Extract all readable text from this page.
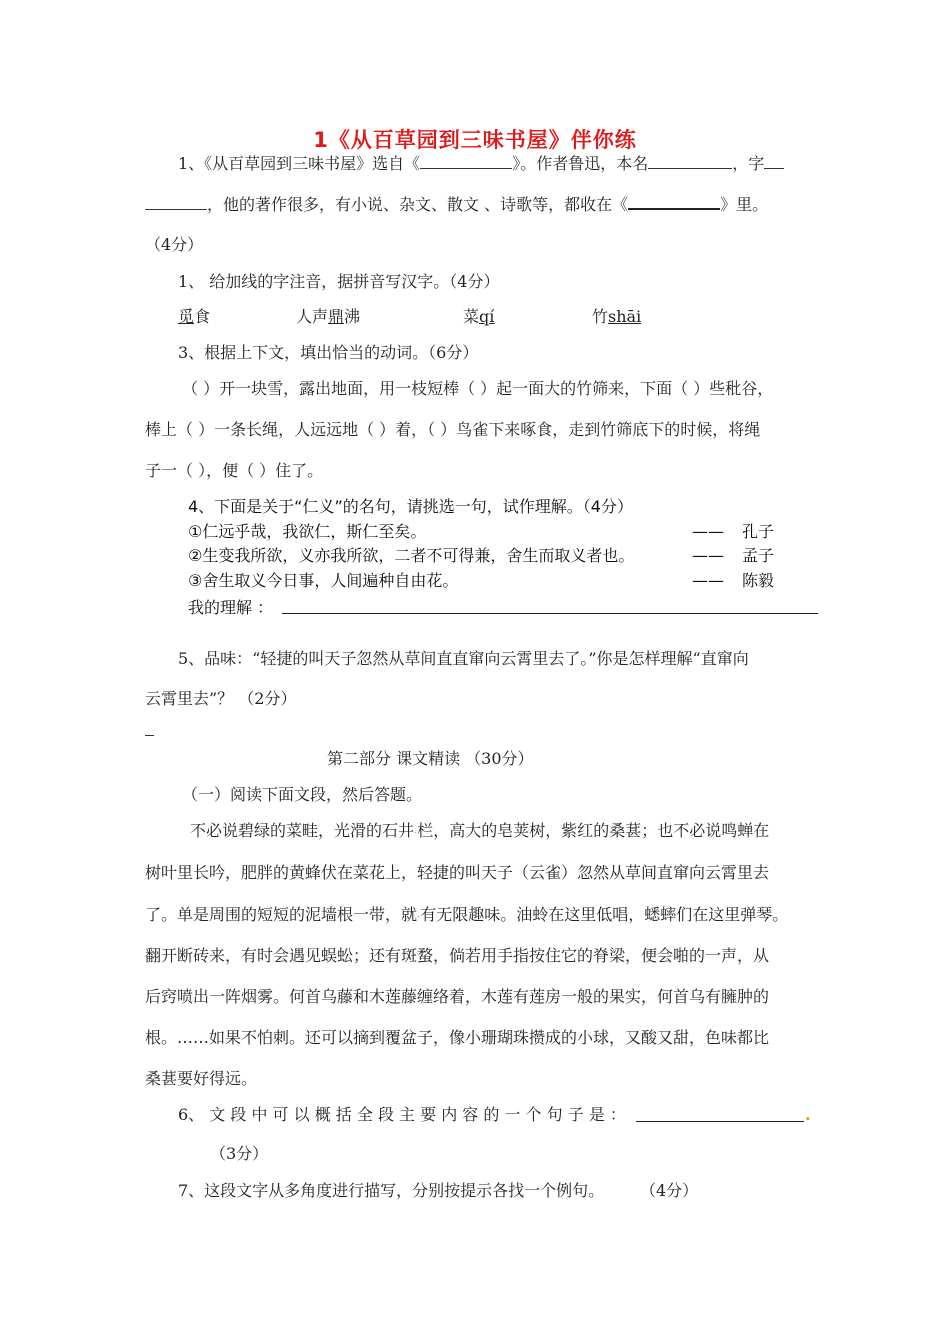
1《从百草园到三味书屋》伴你练
1、《从百草园到三味书屋》选自《	》。作者鲁迅，本名	，字
，他的著作很多，有小说、杂文、散文 、诗歌等，都收在《	》里。
（4分）
1、 给加线的字注音，据拼音写汉字。（4分）
觅食	人声鼎沸	菜qí	竹shāi
3、根据上下文，填出恰当的动词。（6分）
（ ）开一块雪，露出地面，用一枝短棒（ ）起一面大的竹筛来，下面（ ）些秕谷，
棒上（ ）一条长绳，人远远地（ ）着，（ ）鸟雀下来啄食，走到竹筛底下的时候，将绳
子一（ ），便（ ）住了。
4、下面是关于“仁义”的名句，请挑选一句，试作理解。（4分）
①仁远乎哉，我欲仁，斯仁至矣。	—— 孔子
②生变我所欲，义亦我所欲，二者不可得兼，舍生而取义者也。	—— 孟子
③舍生取义今日事，人间遍种自由花。	—— 陈毅
我的理解 ：
5、品味：“轻捷的叫天子忽然从草间直直窜向云霄里去了。”你是怎样理解“直窜向
云霄里去”？ （2分）
第二部分 课文精读 （30分）
（一）阅读下面文段，然后答题。
不必说碧绿的菜畦，光滑的石井·栏，高大的皂荚树，紫红的桑葚；也不必说鸣蝉在
树叶里长吟，肥胖的黄蜂伏在菜花上，轻捷的叫天子（云雀）忽然从草间直窜向云霄里去
了。单是周围的短短的泥墙根一带，就·有无限趣味。油蛉在这里低唱，蟋蟀们在这里弹琴。
翻开断砖来，有时会遇见蜈蚣；还有斑蝥，倘若用手指按住它的脊梁，便会啪的一声，从
后窍喷出一阵烟雾。何首乌藤和木莲藤缠络着，木莲有莲房一般的果实，何首乌有臃肿的
根。……如果不怕刺。还可以摘到覆盆子，像小珊瑚珠攒成的小球，又酸又甜，色味都比
桑葚要好得远。
6、 文 段 中 可 以 概 括 全 段 主 要 内 容 的 一 个 句 子 是 ：	.
（3分）
7、这段文字从多角度进行描写，分别按提示各找一个例句。 （4分）
